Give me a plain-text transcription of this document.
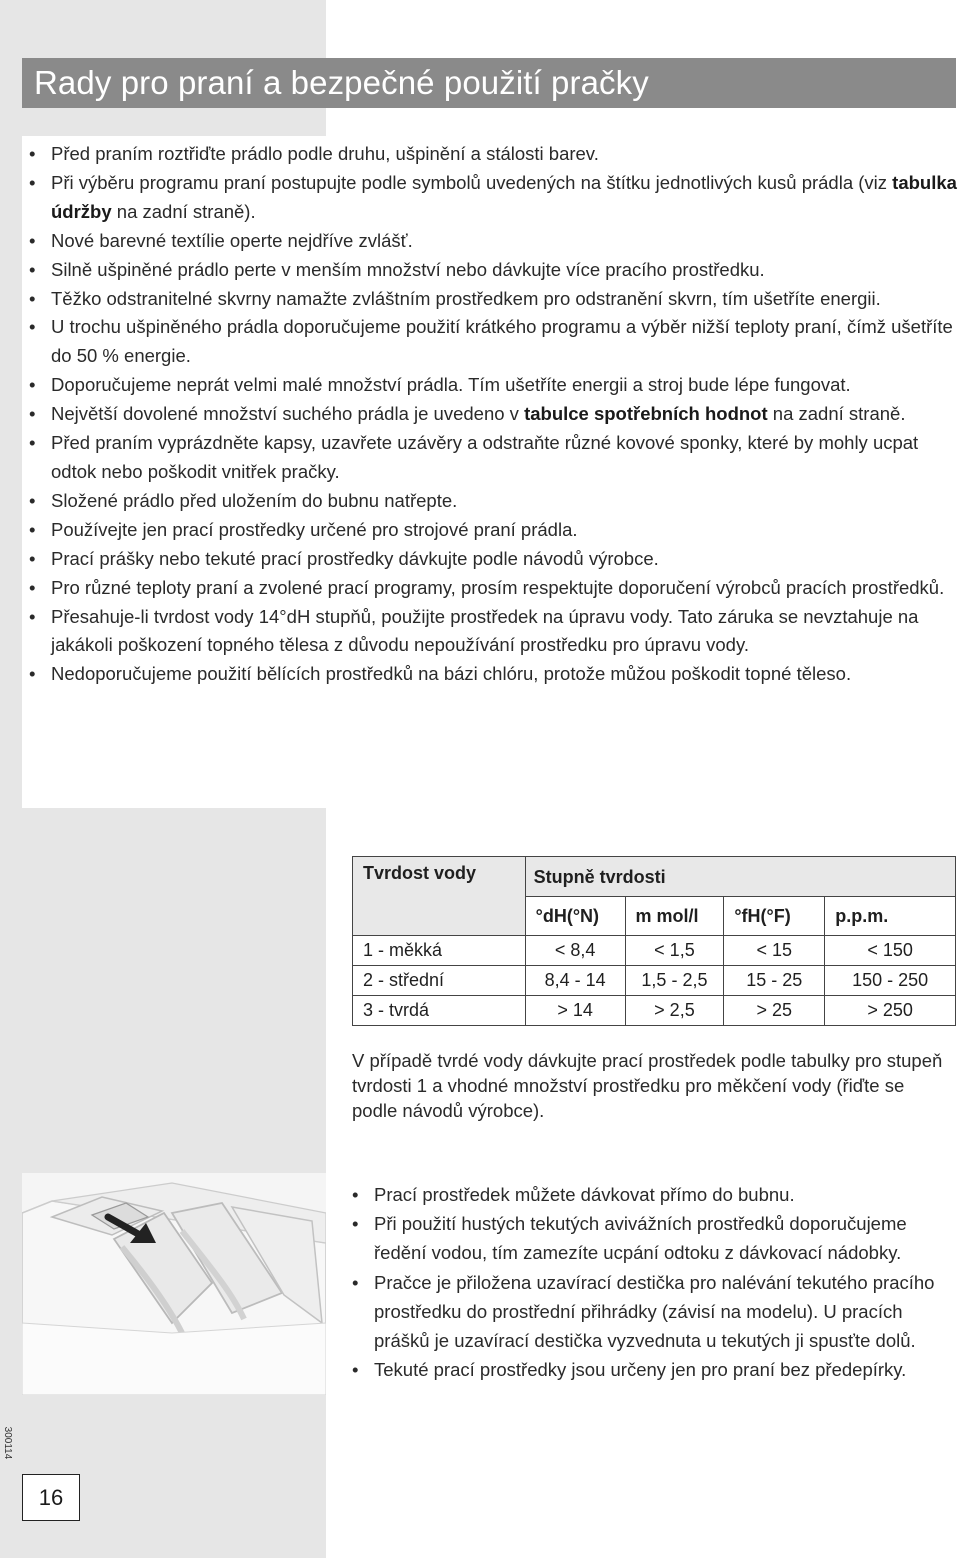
Rady pro praní a bezpečné použití pračky
• Před praním roztřiďte prádlo podle druhu, ušpinění a stálosti barev.
• Při výběru programu praní postupujte podle symbolů uvedených na štítku jednotlivých kusů prádla (viz tabulka údržby na zadní straně).
• Nové barevné textílie operte nejdříve zvlášť.
• Silně ušpiněné prádlo perte v menším množství nebo dávkujte více pracího prostředku.
• Těžko odstranitelné skvrny namažte zvláštním prostředkem pro odstranění skvrn, tím ušetříte energii.
• U trochu ušpiněného prádla doporučujeme použití krátkého programu a výběr nižší teploty praní, čímž ušetříte do 50 % energie.
• Doporučujeme neprát velmi malé množství prádla. Tím ušetříte energii a stroj bude lépe fungovat.
• Největší dovolené množství suchého prádla je uvedeno v tabulce spotřebních hodnot na zadní straně.
• Před praním vyprázdněte kapsy, uzavřete uzávěry a odstraňte různé kovové sponky, které by mohly ucpat odtok nebo poškodit vnitřek pračky.
• Složené prádlo před uložením do bubnu natřepte.
• Používejte jen prací prostředky určené pro strojové praní prádla.
• Prací prášky nebo tekuté prací prostředky dávkujte podle návodů výrobce.
• Pro různé teploty praní a zvolené prací programy, prosím respektujte doporučení výrobců pracích prostředků.
• Přesahuje-li tvrdost vody 14°dH stupňů, použijte prostředek na úpravu vody. Tato záruka se nevztahuje na jakákoli poškození topného tělesa z důvodu nepoužívání prostředku pro úpravu vody.
• Nedoporučujeme použití bělících prostředků na bázi chlóru, protože můžou poškodit topné těleso.
Tvrdost vody	Stupně tvrdosti			
	°dH(°N)	m mol/l	°fH(°F)	p.p.m.
1 - měkká	< 8,4	< 1,5	< 15	< 150
2 - střední	8,4 - 14	1,5 - 2,5	15 - 25	150 - 250
3 - tvrdá	> 14	> 2,5	> 25	> 250

V případě tvrdé vody dávkujte prací prostředek podle tabulky pro stupeň tvrdosti 1 a vhodné množství prostředku pro měkčení vody (řiďte se podle návodů výrobce).

• Prací prostředek můžete dávkovat přímo do bubnu.
• Při použití hustých tekutých avivážních prostředků doporučujeme ředění vodou, tím zamezíte ucpání odtoku z dávkovací nádobky.
• Pračce je přiložena uzavírací destička pro nalévání tekutého pracího prostředku do prostřední přihrádky (závisí na modelu). U pracích prášků je uzavírací destička vyzvednuta u tekutých ji spusťte dolů.
• Tekuté prací prostředky jsou určeny jen pro praní bez předepírky.
16
300114
